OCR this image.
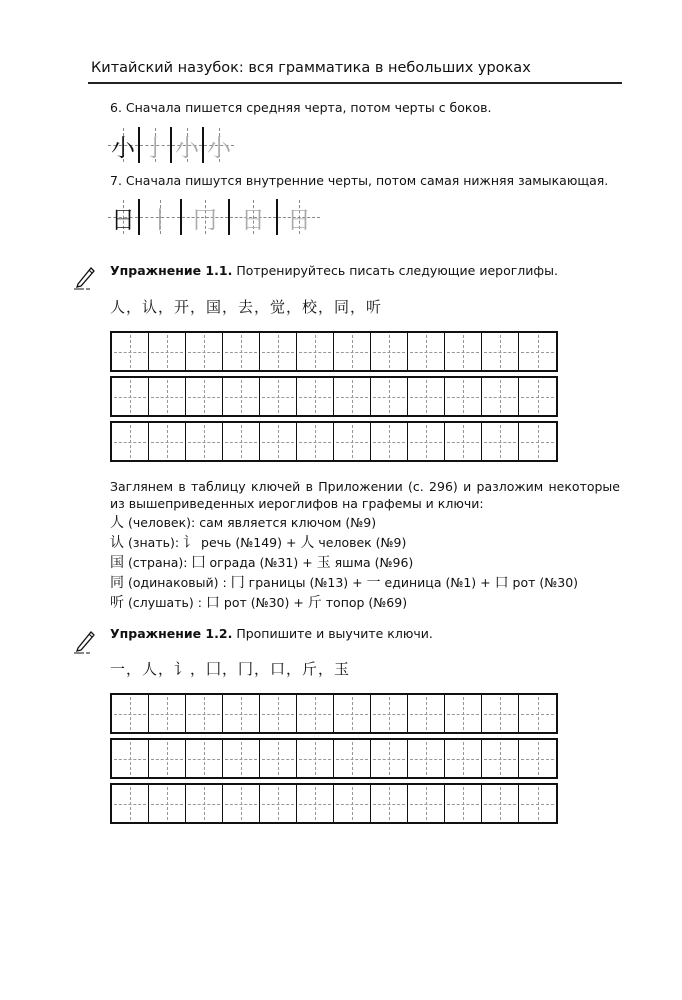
Китайский назубок: вся грамматика в небольших уроках
6. Сначала пишется средняя черта, потом черты с боков.
小 亅 小 小
7. Сначала пишутся внутренние черты, потом самая нижняя замыкающая.
日 丨 冂	日 日
Упражнение 1.1. Потренируйтесь писать следующие иероглифы.
人，认，开，国，去，觉，校，同，听
Заглянем в таблицу ключей в Приложении (с. 296) и разложим некоторые из вышеприведенных иероглифов на графемы и ключи:
人 (человек): сам является ключом (№9)
认 (знать): 讠 речь (№149) + 人 человек (№9)
国 (страна): 囗 ограда (№31) + 玉 яшма (№96)
同 (одинаковый) : 冂 границы (№13) + 一 единица (№1) + 口 рот (№30)
听 (слушать) : 口 рот (№30) + 斤 топор (№69)
Упражнение 1.2. Пропишите и выучите ключи.
一，人，讠，囗，冂，口，斤，玉
